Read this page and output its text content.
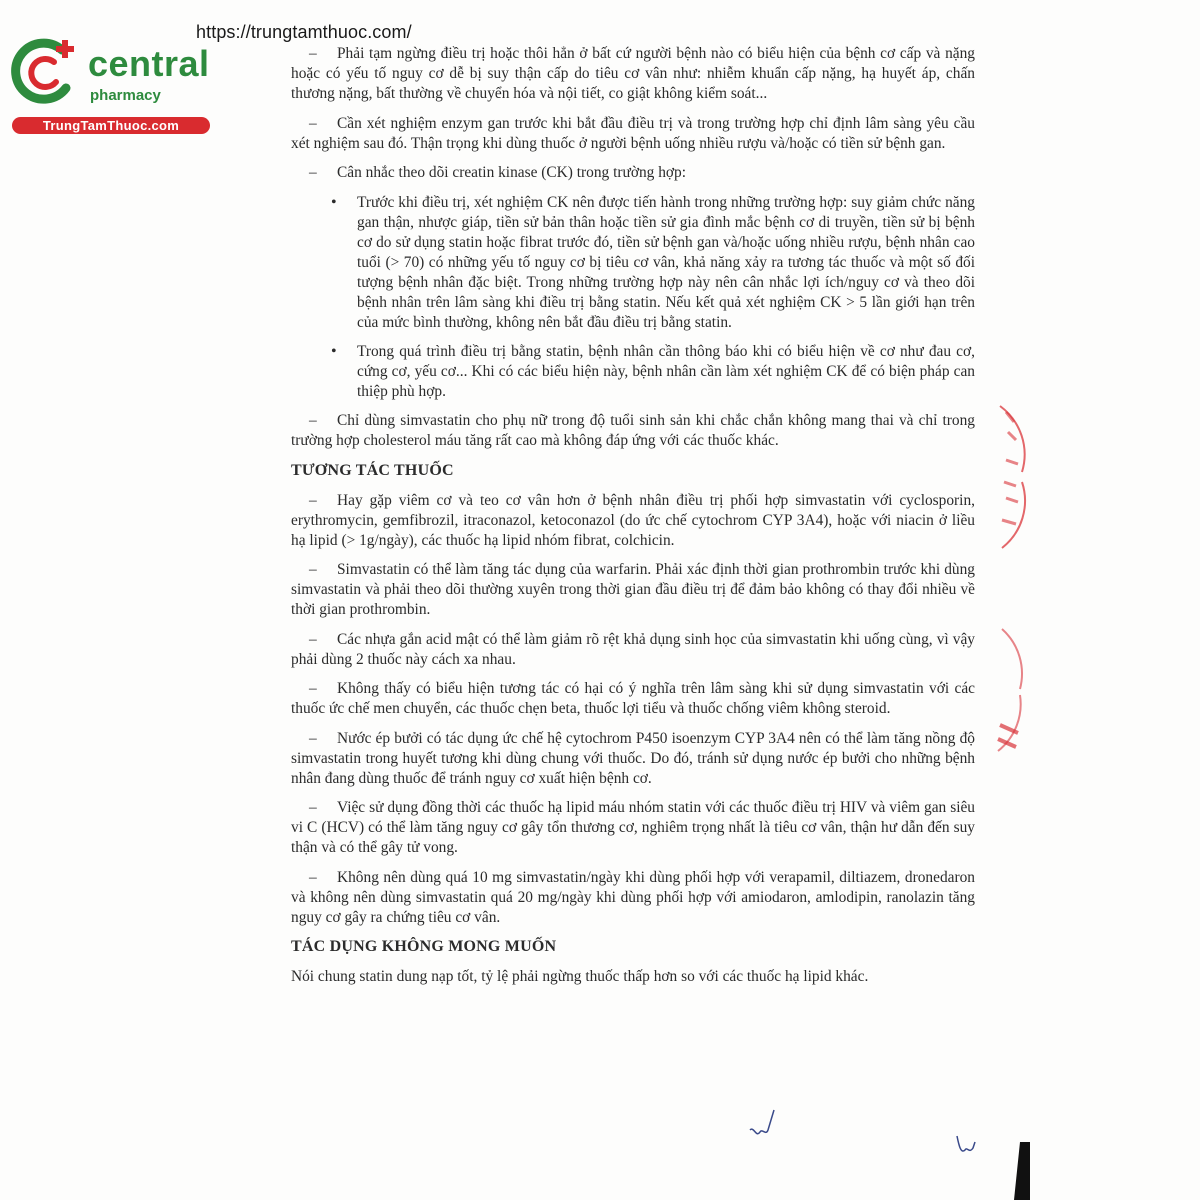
https://trungtamthuoc.com/
central
pharmacy
TrungTamThuoc.com

– Phải tạm ngừng điều trị hoặc thôi hẳn ở bất cứ người bệnh nào có biểu hiện của bệnh cơ cấp và nặng hoặc có yếu tố nguy cơ dễ bị suy thận cấp do tiêu cơ vân như: nhiễm khuẩn cấp nặng, hạ huyết áp, chấn thương nặng, bất thường về chuyển hóa và nội tiết, co giật không kiểm soát...

– Cần xét nghiệm enzym gan trước khi bắt đầu điều trị và trong trường hợp chỉ định lâm sàng yêu cầu xét nghiệm sau đó. Thận trọng khi dùng thuốc ở người bệnh uống nhiều rượu và/hoặc có tiền sử bệnh gan.

– Cân nhắc theo dõi creatin kinase (CK) trong trường hợp:

• Trước khi điều trị, xét nghiệm CK nên được tiến hành trong những trường hợp: suy giảm chức năng gan thận, nhược giáp, tiền sử bản thân hoặc tiền sử gia đình mắc bệnh cơ di truyền, tiền sử bị bệnh cơ do sử dụng statin hoặc fibrat trước đó, tiền sử bệnh gan và/hoặc uống nhiều rượu, bệnh nhân cao tuổi (> 70) có những yếu tố nguy cơ bị tiêu cơ vân, khả năng xảy ra tương tác thuốc và một số đối tượng bệnh nhân đặc biệt. Trong những trường hợp này nên cân nhắc lợi ích/nguy cơ và theo dõi bệnh nhân trên lâm sàng khi điều trị bằng statin. Nếu kết quả xét nghiệm CK > 5 lần giới hạn trên của mức bình thường, không nên bắt đầu điều trị bằng statin.
• Trong quá trình điều trị bằng statin, bệnh nhân cần thông báo khi có biểu hiện về cơ như đau cơ, cứng cơ, yếu cơ... Khi có các biểu hiện này, bệnh nhân cần làm xét nghiệm CK để có biện pháp can thiệp phù hợp.

– Chỉ dùng simvastatin cho phụ nữ trong độ tuổi sinh sản khi chắc chắn không mang thai và chỉ trong trường hợp cholesterol máu tăng rất cao mà không đáp ứng với các thuốc khác.

TƯƠNG TÁC THUỐC

– Hay gặp viêm cơ và teo cơ vân hơn ở bệnh nhân điều trị phối hợp simvastatin với cyclosporin, erythromycin, gemfibrozil, itraconazol, ketoconazol (do ức chế cytochrom CYP 3A4), hoặc với niacin ở liều hạ lipid (> 1g/ngày), các thuốc hạ lipid nhóm fibrat, colchicin.

– Simvastatin có thể làm tăng tác dụng của warfarin. Phải xác định thời gian prothrombin trước khi dùng simvastatin và phải theo dõi thường xuyên trong thời gian đầu điều trị để đảm bảo không có thay đổi nhiều về thời gian prothrombin.

– Các nhựa gắn acid mật có thể làm giảm rõ rệt khả dụng sinh học của simvastatin khi uống cùng, vì vậy phải dùng 2 thuốc này cách xa nhau.

– Không thấy có biểu hiện tương tác có hại có ý nghĩa trên lâm sàng khi sử dụng simvastatin với các thuốc ức chế men chuyển, các thuốc chẹn beta, thuốc lợi tiểu và thuốc chống viêm không steroid.

– Nước ép bưởi có tác dụng ức chế hệ cytochrom P450 isoenzym CYP 3A4 nên có thể làm tăng nồng độ simvastatin trong huyết tương khi dùng chung với thuốc. Do đó, tránh sử dụng nước ép bưởi cho những bệnh nhân đang dùng thuốc để tránh nguy cơ xuất hiện bệnh cơ.

– Việc sử dụng đồng thời các thuốc hạ lipid máu nhóm statin với các thuốc điều trị HIV và viêm gan siêu vi C (HCV) có thể làm tăng nguy cơ gây tổn thương cơ, nghiêm trọng nhất là tiêu cơ vân, thận hư dẫn đến suy thận và có thể gây tử vong.

– Không nên dùng quá 10 mg simvastatin/ngày khi dùng phối hợp với verapamil, diltiazem, dronedaron và không nên dùng simvastatin quá 20 mg/ngày khi dùng phối hợp với amiodaron, amlodipin, ranolazin tăng nguy cơ gây ra chứng tiêu cơ vân.

TÁC DỤNG KHÔNG MONG MUỐN

Nói chung statin dung nạp tốt, tỷ lệ phải ngừng thuốc thấp hơn so với các thuốc hạ lipid khác.
